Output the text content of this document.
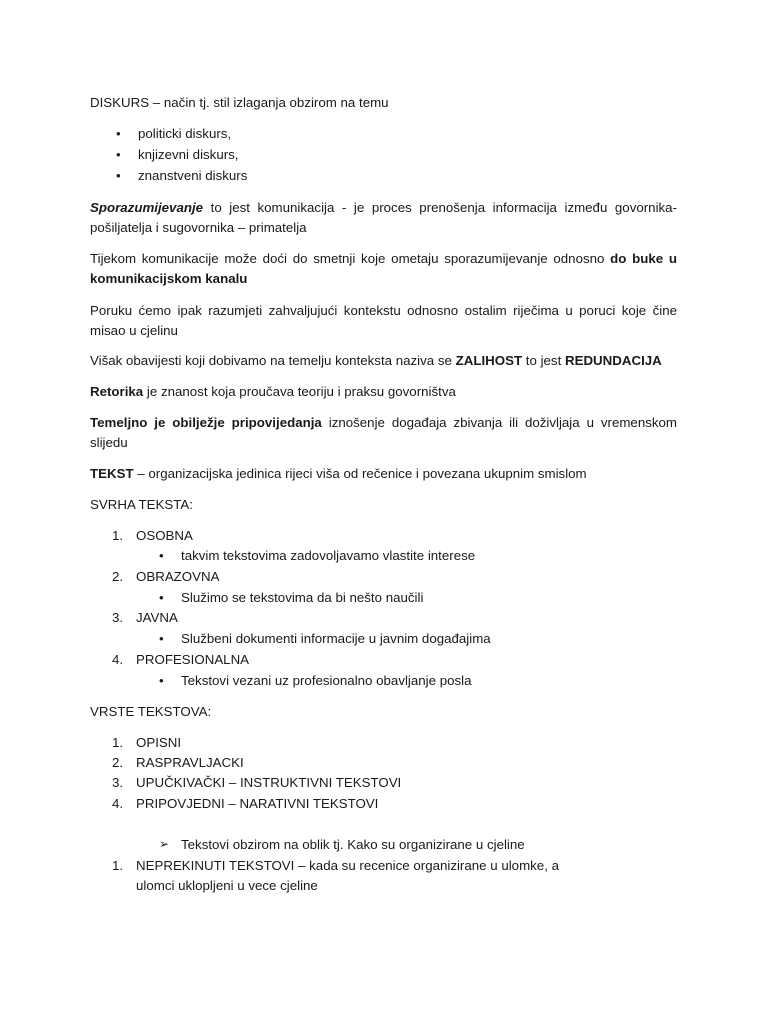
DISKURS – način tj. stil izlaganja obzirom na temu
• politicki diskurs,
• knjizevni diskurs,
• znanstveni diskurs
Sporazumijevanje to jest komunikacija - je proces prenošenja informacija između govornika-
pošiljatelja i sugovornika – primatelja
Tijekom komunikacije može doći do smetnji koje ometaju sporazumijevanje odnosno do buke u
komunikacijskom kanalu
Poruku ćemo ipak razumjeti zahvaljujući kontekstu odnosno ostalim riječima u poruci koje čine
misao u cjelinu
Višak obavijesti koji dobivamo na temelju konteksta naziva se ZALIHOST to jest REDUNDACIJA
Retorika je znanost koja proučava teoriju i praksu govorništva
Temeljno je obilježje pripovijedanja iznošenje događaja zbivanja ili doživljaja u vremenskom
slijedu
TEKST – organizacijska jedinica rijeci viša od rečenice i povezana ukupnim smislom
SVRHA TEKSTA:
1. OSOBNA
• takvim tekstovima zadovoljavamo vlastite interese
2. OBRAZOVNA
• Služimo se tekstovima da bi nešto naučili
3. JAVNA
• Službeni dokumenti informacije u javnim događajima
4. PROFESIONALNA
• Tekstovi vezani uz profesionalno obavljanje posla
VRSTE TEKSTOVA:
1. OPISNI
2. RASPRAVLJACKI
3. UPUČKIVAČKI – INSTRUKTIVNI TEKSTOVI
4. PRIPOVJEDNI – NARATIVNI TEKSTOVI
➢ Tekstovi obzirom na oblik tj. Kako su organizirane u cjeline
1. NEPREKINUTI TEKSTOVI – kada su recenice organizirane u ulomke, a
ulomci uklopljeni u vece cjeline
